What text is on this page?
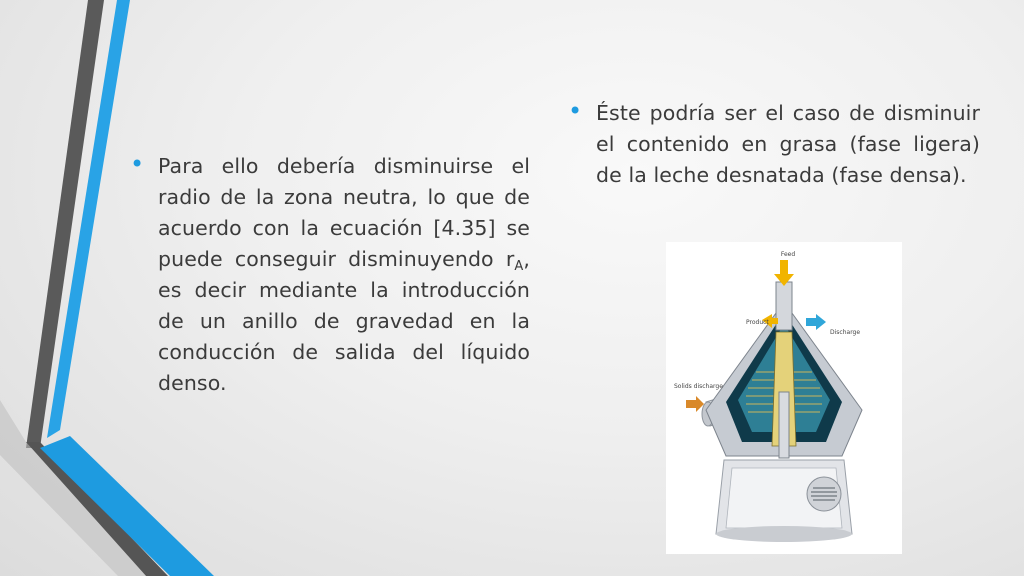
• Para ello debería disminuirse el radio de la zona neutra, lo que de acuerdo con la ecuación [4.35] se puede conseguir disminuyendo $r_A$, es decir mediante la introducción de un anillo de gravedad en la conducción de salida del líquido denso.
• Éste podría ser el caso de disminuir el contenido en grasa (fase ligera) de la leche desnatada (fase densa).
Feed
Product
Discharge
Solids discharge
